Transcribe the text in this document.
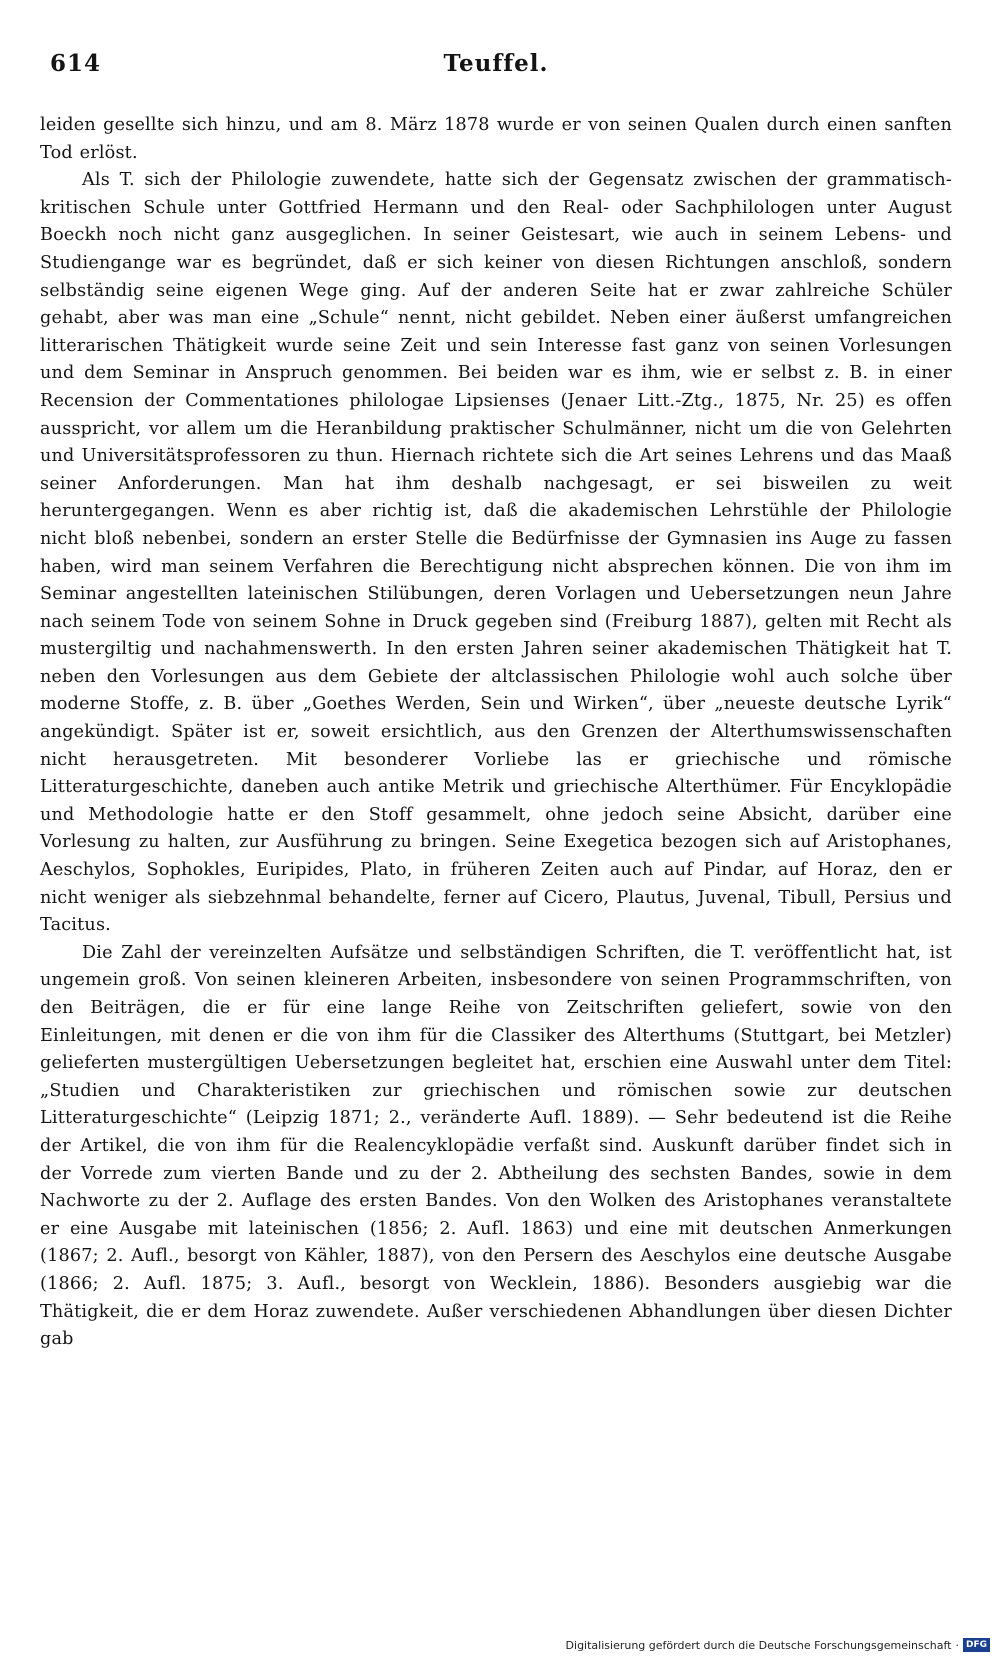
614	Teuffel.

leiden gesellte sich hinzu, und am 8. März 1878 wurde er von seinen Qualen durch einen sanften Tod erlöst.

Als T. sich der Philologie zuwendete, hatte sich der Gegensatz zwischen der grammatisch-kritischen Schule unter Gottfried Hermann und den Real- oder Sachphilologen unter August Boeckh noch nicht ganz ausgeglichen. In seiner Geistesart, wie auch in seinem Lebens- und Studiengange war es begründet, daß er sich keiner von diesen Richtungen anschloß, sondern selbständig seine eigenen Wege ging. Auf der anderen Seite hat er zwar zahlreiche Schüler gehabt, aber was man eine „Schule“ nennt, nicht gebildet. Neben einer äußerst umfangreichen litterarischen Thätigkeit wurde seine Zeit und sein Interesse fast ganz von seinen Vorlesungen und dem Seminar in Anspruch genommen. Bei beiden war es ihm, wie er selbst z. B. in einer Recension der Commentationes philologae Lipsienses (Jenaer Litt.-Ztg., 1875, Nr. 25) es offen ausspricht, vor allem um die Heranbildung praktischer Schulmänner, nicht um die von Gelehrten und Universitätsprofessoren zu thun. Hiernach richtete sich die Art seines Lehrens und das Maaß seiner Anforderungen. Man hat ihm deshalb nachgesagt, er sei bisweilen zu weit heruntergegangen. Wenn es aber richtig ist, daß die akademischen Lehrstühle der Philologie nicht bloß nebenbei, sondern an erster Stelle die Bedürfnisse der Gymnasien ins Auge zu fassen haben, wird man seinem Verfahren die Berechtigung nicht absprechen können. Die von ihm im Seminar angestellten lateinischen Stilübungen, deren Vorlagen und Uebersetzungen neun Jahre nach seinem Tode von seinem Sohne in Druck gegeben sind (Freiburg 1887), gelten mit Recht als mustergiltig und nachahmenswerth. In den ersten Jahren seiner akademischen Thätigkeit hat T. neben den Vorlesungen aus dem Gebiete der altclassischen Philologie wohl auch solche über moderne Stoffe, z. B. über „Goethes Werden, Sein und Wirken“, über „neueste deutsche Lyrik“ angekündigt. Später ist er, soweit ersichtlich, aus den Grenzen der Alterthumswissenschaften nicht herausgetreten. Mit besonderer Vorliebe las er griechische und römische Litteraturgeschichte, daneben auch antike Metrik und griechische Alterthümer. Für Encyklopädie und Methodologie hatte er den Stoff gesammelt, ohne jedoch seine Absicht, darüber eine Vorlesung zu halten, zur Ausführung zu bringen. Seine Exegetica bezogen sich auf Aristophanes, Aeschylos, Sophokles, Euripides, Plato, in früheren Zeiten auch auf Pindar, auf Horaz, den er nicht weniger als siebzehnmal behandelte, ferner auf Cicero, Plautus, Juvenal, Tibull, Persius und Tacitus.

Die Zahl der vereinzelten Aufsätze und selbständigen Schriften, die T. veröffentlicht hat, ist ungemein groß. Von seinen kleineren Arbeiten, insbesondere von seinen Programmschriften, von den Beiträgen, die er für eine lange Reihe von Zeitschriften geliefert, sowie von den Einleitungen, mit denen er die von ihm für die Classiker des Alterthums (Stuttgart, bei Metzler) gelieferten mustergültigen Uebersetzungen begleitet hat, erschien eine Auswahl unter dem Titel: „Studien und Charakteristiken zur griechischen und römischen sowie zur deutschen Litteraturgeschichte“ (Leipzig 1871; 2., veränderte Aufl. 1889). — Sehr bedeutend ist die Reihe der Artikel, die von ihm für die Realencyklopädie verfaßt sind. Auskunft darüber findet sich in der Vorrede zum vierten Bande und zu der 2. Abtheilung des sechsten Bandes, sowie in dem Nachworte zu der 2. Auflage des ersten Bandes. Von den Wolken des Aristophanes veranstaltete er eine Ausgabe mit lateinischen (1856; 2. Aufl. 1863) und eine mit deutschen Anmerkungen (1867; 2. Aufl., besorgt von Kähler, 1887), von den Persern des Aeschylos eine deutsche Ausgabe (1866; 2. Aufl. 1875; 3. Aufl., besorgt von Wecklein, 1886). Besonders ausgiebig war die Thätigkeit, die er dem Horaz zuwendete. Außer verschiedenen Abhandlungen über diesen Dichter gab

Digitalisierung gefördert durch die Deutsche Forschungsgemeinschaft · DFG
